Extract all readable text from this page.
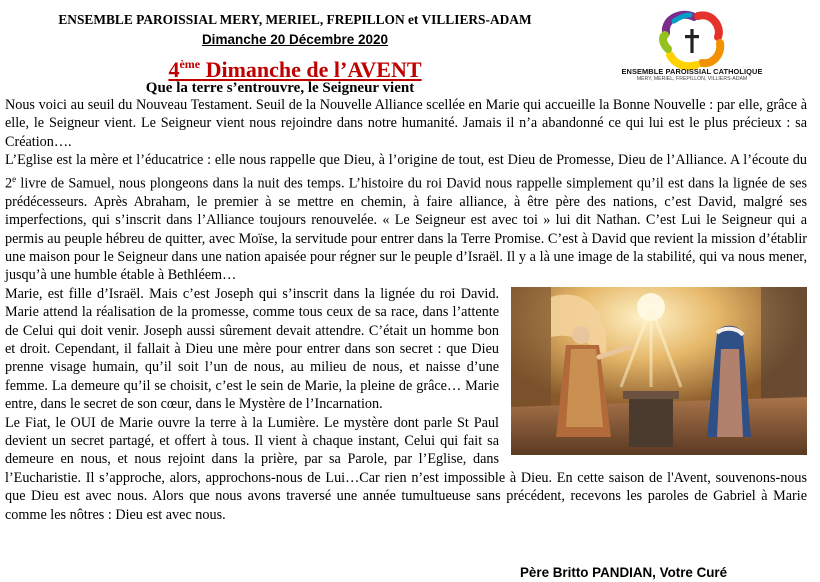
ENSEMBLE PAROISSIAL MERY, MERIEL, FREPILLON et VILLIERS-ADAM
Dimanche 20 Décembre 2020
4ème Dimanche de l’AVENT
Que la terre s’entrouvre, le Seigneur vient
ENSEMBLE PAROISSIAL CATHOLIQUE
MERY, MERIEL, FREPILLON, VILLIERS-ADAM

Nous voici au seuil du Nouveau Testament. Seuil de la Nouvelle Alliance scellée en Marie qui accueille la Bonne Nouvelle : par elle, grâce à elle, le Seigneur vient. Le Seigneur vient nous rejoindre dans notre humanité. Jamais il n’a abandonné ce qui lui est le plus précieux : sa Création….

L’Eglise est la mère et l’éducatrice : elle nous rappelle que Dieu, à l’origine de tout, est Dieu de Promesse, Dieu de l’Alliance. A l’écoute du 2e livre de Samuel, nous plongeons dans la nuit des temps. L’histoire du roi David nous rappelle simplement qu’il est dans la lignée de ses prédécesseurs. Après Abraham, le premier à se mettre en chemin, à faire alliance, à être père des nations, c’est David, malgré ses imperfections, qui s’inscrit dans l’Alliance toujours renouvelée. « Le Seigneur est avec toi » lui dit Nathan. C’est Lui le Seigneur qui a permis au peuple hébreu de quitter, avec Moïse, la servitude pour entrer dans la Terre Promise. C’est à David que revient la mission d’établir une maison pour le Seigneur dans une nation apaisée pour régner sur le peuple d’Israël. Il y a là une image de la stabilité, qui va nous mener, jusqu’à une humble étable à Bethléem…

Marie, est fille d’Israël. Mais c’est Joseph qui s’inscrit dans la lignée du roi David. Marie attend la réalisation de la promesse, comme tous ceux de sa race, dans l’attente de Celui qui doit venir. Joseph aussi sûrement devait attendre. C’était un homme bon et droit. Cependant, il fallait à Dieu une mère pour entrer dans son secret : que Dieu prenne visage humain, qu’il soit l’un de nous, au milieu de nous, et naisse d’une femme. La demeure qu’il se choisit, c’est le sein de Marie, la pleine de grâce… Marie entre, dans le secret de son cœur, dans le Mystère de l’Incarnation.

Le Fiat, le OUI de Marie ouvre la terre à la Lumière. Le mystère dont parle St Paul devient un secret partagé, et offert à tous. Il vient à chaque instant, Celui qui fait sa demeure en nous, et nous rejoint dans la prière, par sa Parole, par l’Eglise, dans l’Eucharistie. Il s’approche, alors, approchons-nous de Lui…Car rien n’est impossible à Dieu. En cette saison de l'Avent, souvenons-nous que Dieu est avec nous. Alors que nous avons traversé une année tumultueuse sans précédent, recevons les paroles de Gabriel à Marie comme les nôtres : Dieu est avec nous.

Père Britto PANDIAN, Votre Curé
